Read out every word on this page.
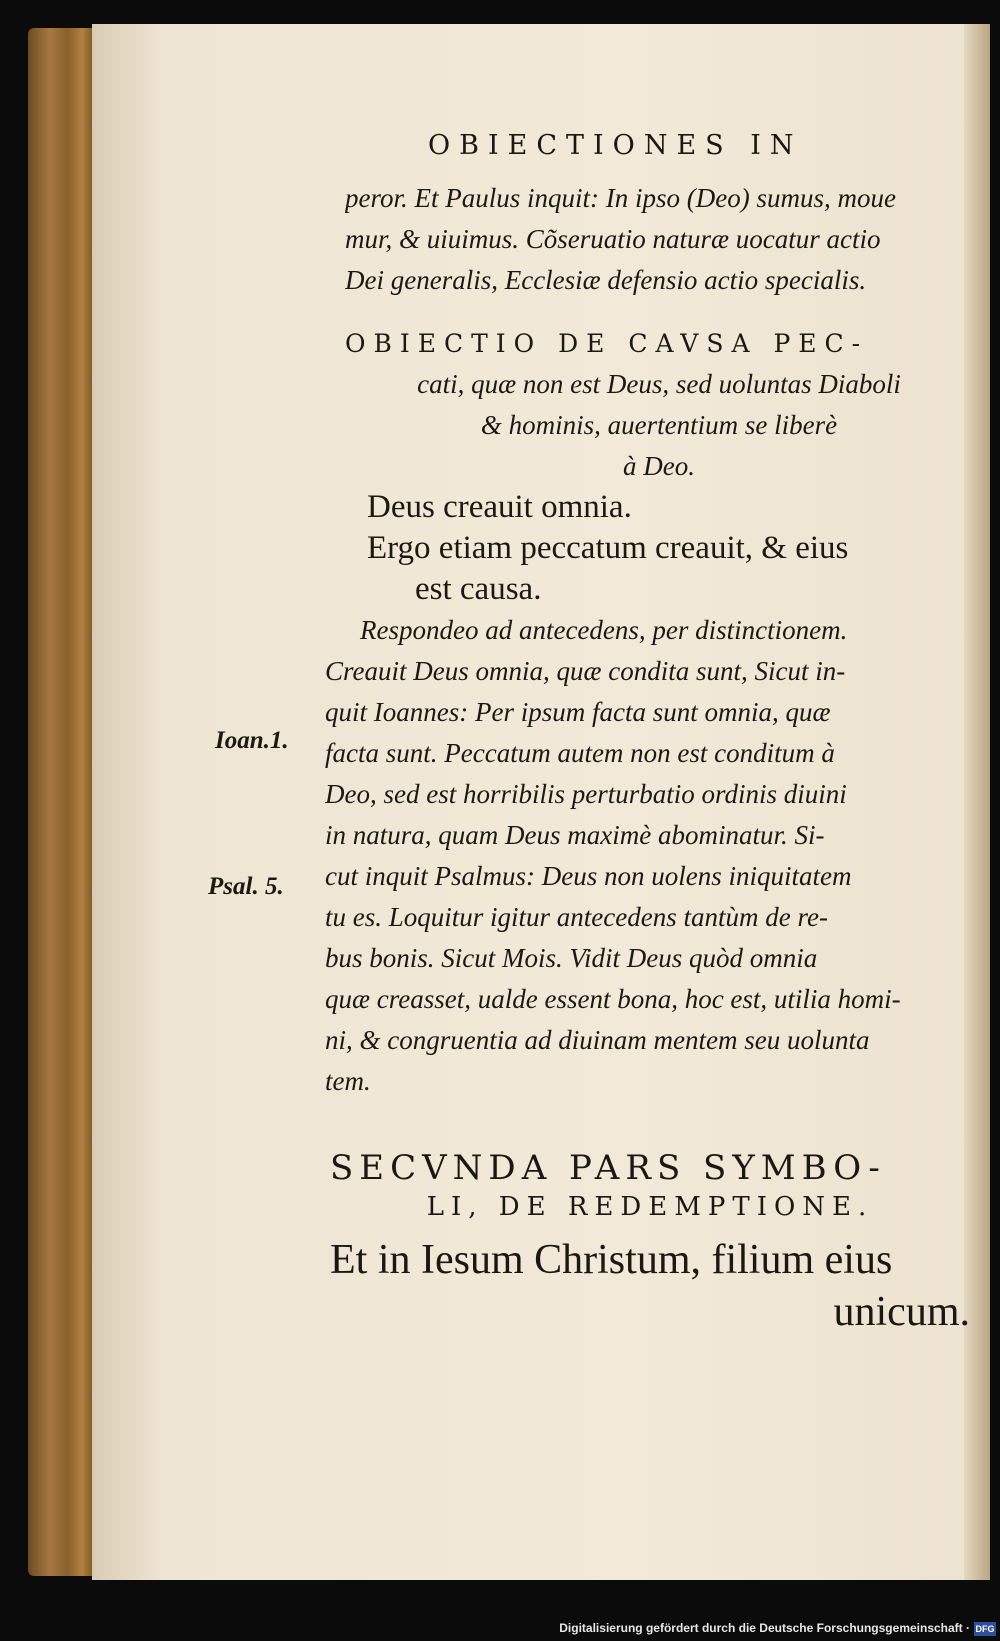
OBIECTIONES IN
peror. Et Paulus inquit: In ipso (Deo) sumus, moue
mur, & uiuimus. Cõseruatio naturæ uocatur actio
Dei generalis, Ecclesiæ defensio actio specialis.
OBIECTIO DE CAVSA PEC-
cati, quæ non est Deus, sed uoluntas Diaboli
& hominis, auertentium se liberè
à Deo.
Deus creauit omnia.
Ergo etiam peccatum creauit, & eius
est causa.
Respondeo ad antecedens, per distinctionem.
Creauit Deus omnia, quæ condita sunt, Sicut in-
quit Ioannes: Per ipsum facta sunt omnia, quæ
facta sunt. Peccatum autem non est conditum à
Deo, sed est horribilis perturbatio ordinis diuini
in natura, quam Deus maximè abominatur. Si-
cut inquit Psalmus: Deus non uolens iniquitatem
tu es. Loquitur igitur antecedens tantùm de re-
bus bonis. Sicut Mois. Vidit Deus quòd omnia
quæ creasset, ualde essent bona, hoc est, utilia homi-
ni, & congruentia ad diuinam mentem seu uolunta
tem.
Ioan.1.
Psal. 5.
SECVNDA PARS SYMBO-
LI, DE REDEMPTIONE.
Et in Iesum Christum, filium eius
unicum.
Digitalisierung gefördert durch die Deutsche Forschungsgemeinschaft · DFG
